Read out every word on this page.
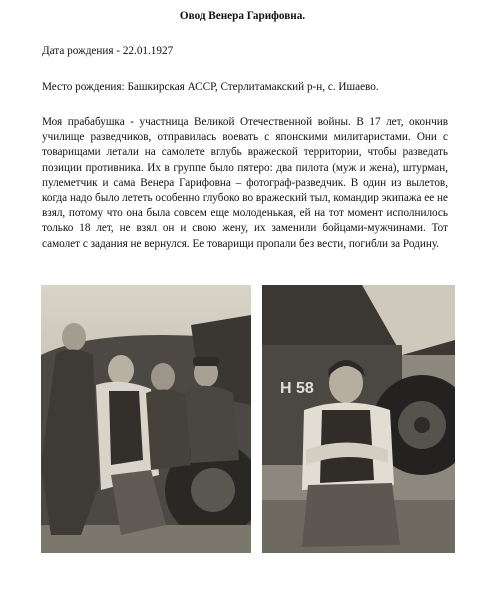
Овод Венера Гарифовна.
Дата рождения - 22.01.1927
Место рождения: Башкирская АССР, Стерлитамакский р-н, с. Ишаево.

Моя прабабушка - участница Великой Отечественной войны. В 17 лет, окончив училище разведчиков, отправилась воевать с японскими милитаристами. Они с товарищами летали на самолете вглубь вражеской территории, чтобы разведать позиции противника. Их в группе было пятеро: два пилота (муж и жена), штурман, пулеметчик и сама Венера Гарифовна – фотограф-разведчик. В один из вылетов, когда надо было лететь особенно глубоко во вражеский тыл, командир экипажа ее не взял, потому что она была совсем еще молоденькая, ей на тот момент исполнилось только 18 лет, не взял он и свою жену, их заменили бойцами-мужчинами. Тот самолет с задания не вернулся. Ее товарищи пропали без вести, погибли за Родину.

Н 58
